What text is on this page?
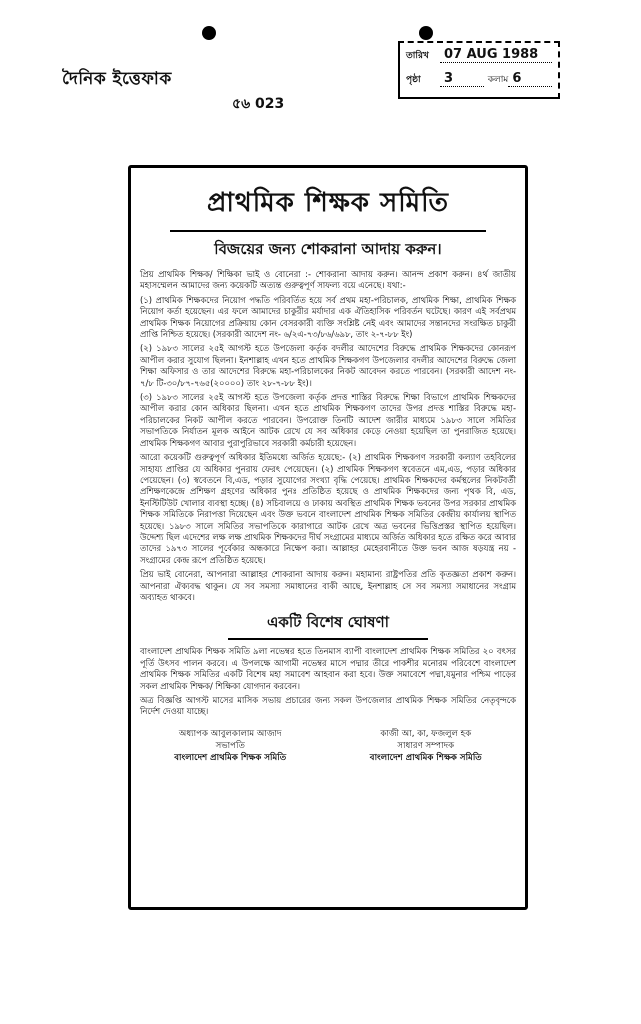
দৈনিক ইত্তেফাক
৫৬ 023
তারিখ	07 AUG 1988
পৃষ্ঠা	3	কলাম 6
প্রাথমিক শিক্ষক সমিতি
বিজয়ের জন্য শোকরানা আদায় করুন।

প্রিয় প্রাথমিক শিক্ষক/ শিক্ষিকা ভাই ও বোনেরা :- শোকরানা আদায় করুন। আনন্দ প্রকাশ করুন। ৪র্থ জাতীয় মহাসম্মেলন আমাদের জন্য কয়েকটি অত্যন্ত গুরুত্বপূর্ণ সাফল্য বয়ে এনেছে। যথা:-

(১) প্রাথমিক শিক্ষকদের নিয়োগ পদ্ধতি পরিবর্তিত হয়ে সর্ব প্রথম মহা-পরিচালক, প্রাথমিক শিক্ষা, প্রাথমিক শিক্ষক নিয়োগ কর্তা হয়েছেন। এর ফলে আমাদের চাকুরীর মর্যাদার এক ঐতিহাসিক পরিবর্তন ঘটেছে। কারণ এই সর্বপ্রথম প্রাথমিক শিক্ষক নিয়োগের প্রক্রিয়ায় কোন বেসরকারী ব্যক্তি সংশ্লিষ্ট নেই এবং আমাদের সন্তানদের সংরক্ষিত চাকুরী প্রাপ্তি নিশ্চিত হয়েছে। (সরকারী আদেশ নং- ৬/২এ-৭৩/৮৬/৬৯৮, তাং ২-৭-৮৮ ইং)

(২) ১৯৮৩ সালের ২৫ই আগস্ট হতে উপজেলা কর্তৃক বদলীর আদেশের বিরুদ্ধে প্রাথমিক শিক্ষকদের কোনরূপ আপীল করার সুযোগ ছিলনা। ইনশাল্লাহ এখন হতে প্রাথমিক শিক্ষকগণ উপজেলার বদলীর আদেশের বিরুদ্ধে জেলা শিক্ষা অফিসার ও তার আদেশের বিরুদ্ধে মহা-পরিচালকের নিকট আবেদন করতে পারবেন। (সরকারী আদেশ নং- ৭/৮ টি-৩০/৮৭-৭৬৫(২০০০০) তাং ২৮-৭-৮৮ ইং)।

(৩) ১৯৮৩ সালের ২৫ই আগস্ট হতে উপজেলা কর্তৃক প্রদত্ত শাস্তির বিরুদ্ধে শিক্ষা বিভাগে প্রাথমিক শিক্ষকদের আপীল করার কোন অধিকার ছিলনা। এখন হতে প্রাথমিক শিক্ষকগণ তাদের উপর প্রদত্ত শাস্তির বিরুদ্ধে মহা-পরিচালকের নিকট আপীল করতে পারবেন। উপরোক্ত তিনটি আদেশ জারীর মাধ্যমে ১৯৮৩ সালে সমিতির সভাপতিকে নির্যাতন মূলক আইনে আটক রেখে যে সব অধিকার কেড়ে নেওয়া হয়েছিল তা পুনরাজিত হয়েছে। প্রাথমিক শিক্ষকগণ আবার পুরাপুরিভাবে সরকারী কর্মচারী হয়েছেন।

আরো কয়েকটি গুরুত্বপূর্ণ অধিকার ইতিমধ্যে অর্জিত হয়েছে:- (২) প্রাথমিক শিক্ষকগণ সরকারী কল্যাণ তহবিলের সাহায্য প্রাপ্তির যে অধিকার পুনরায় ফেরৎ পেয়েছেন। (২) প্রাথমিক শিক্ষকগণ স্ববেতনে এম,এড, পড়ার অধিকার পেয়েছেন। (৩) স্ববেতনে বি,এড, পড়ার সুযোগের সংখ্যা বৃদ্ধি পেয়েছে। প্রাথমিক শিক্ষকদের কর্মস্থলের নিকটবর্তী প্রশিক্ষণকেন্দ্রে প্রশিক্ষণ গ্রহণের অধিকার পুনঃ প্রতিষ্ঠিত হয়েছে ও প্রাথমিক শিক্ষকদের জন্য পৃথক বি, এড, ইনস্টিটিউট খোলার ব্যবস্থা হচ্ছে। (৪) সচিবালয়ে ও ঢাকায় অবস্থিত প্রাথমিক শিক্ষক ভবনের উপর সরকার প্রাথমিক শিক্ষক সমিতিকে নিরাপত্তা দিয়েছেন এবং উক্ত ভবনে বাংলাদেশ প্রাথমিক শিক্ষক সমিতির কেন্দ্রীয় কার্যালয় স্থাপিত হয়েছে। ১৯৮৩ সালে সমিতির সভাপতিকে কারাগারে আটক রেখে অত্র ভবনের ভিত্তিপ্রস্তর স্থাপিত হয়েছিল। উদ্দেশ্য ছিল এদেশের লক্ষ লক্ষ প্রাথমিক শিক্ষকদের দীর্ঘ সংগ্রামের মাধ্যমে অর্জিত অধিকার হতে রক্ষিত করে আবার তাদের ১৯৭৩ সালের পূর্বেকার অন্ধকারে নিক্ষেপ করা। আল্লাহর মেহেরবানীতে উক্ত ভবন আজ ষড়যন্ত্র নয় - সংগ্রামের কেন্দ্র রূপে প্রতিষ্ঠিত হয়েছে।

প্রিয় ভাই বোনেরা, আপনারা আল্লাহর শোকরানা আদায় করুন। মহামান্য রাষ্ট্রপতির প্রতি কৃতজ্ঞতা প্রকাশ করুন। আপনারা ঐক্যবদ্ধ থাকুন। যে সব সমস্যা সমাধানের বাকী আছে, ইনশাল্লাহ সে সব সমস্যা সমাধানের সংগ্রাম অব্যাহত থাকবে।

একটি বিশেষ ঘোষণা

বাংলাদেশ প্রাথমিক শিক্ষক সমিতি ৯লা নভেম্বর হতে তিনমাস ব্যাপী বাংলাদেশ প্রাথমিক শিক্ষক সমিতির ২০ বৎসর পূর্তি উৎসব পালন করবে। এ উপলক্ষে আগামী নভেম্বর মাসে পদ্মার তীরে পাকশীর মনোরম পরিবেশে বাংলাদেশ প্রাথমিক শিক্ষক সমিতির একটি বিশেষ মহা সমাবেশ আহবান করা হবে। উক্ত সমাবেশে পদ্মা,যমুনার পশ্চিম পাড়ের সকল প্রাথমিক শিক্ষক/ শিক্ষিকা যোগদান করবেন।

অত্র বিজ্ঞপ্তি আগস্ট মাসের মাসিক সভায় প্রচারের জন্য সকল উপজেলার প্রাথমিক শিক্ষক সমিতির নেতৃবৃন্দকে নির্দেশ দেওয়া যাচ্ছে।

অধ্যাপক আবুলকালাম আজাদ
সভাপতি
বাংলাদেশ প্রাথমিক শিক্ষক সমিতি
কাজী আ, কা, ফজলুল হক
সাধারণ সম্পাদক
বাংলাদেশ প্রাথমিক শিক্ষক সমিতি
